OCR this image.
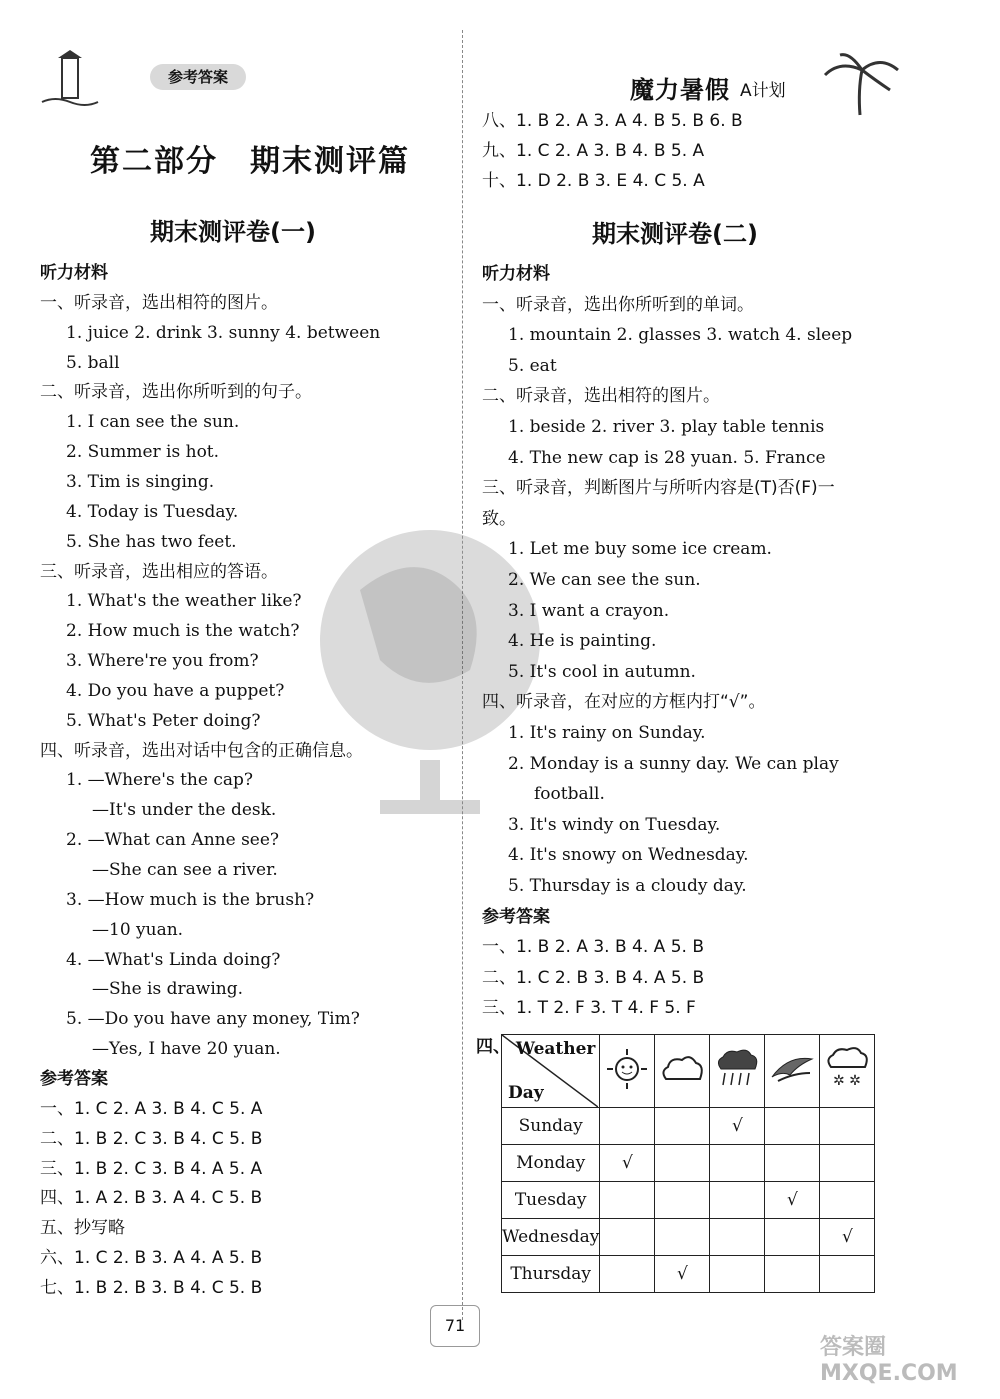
参考答案	魔力暑假 A计划
第二部分　期末测评篇
期末测评卷(一)
听力材料
一、听录音，选出相符的图片。
1. juice 2. drink 3. sunny 4. between
5. ball
二、听录音，选出你所听到的句子。
1. I can see the sun.
2. Summer is hot.
3. Tim is singing.
4. Today is Tuesday.
5. She has two feet.
三、听录音，选出相应的答语。
1. What's the weather like?
2. How much is the watch?
3. Where're you from?
4. Do you have a puppet?
5. What's Peter doing?
四、听录音，选出对话中包含的正确信息。
1. —Where's the cap?
—It's under the desk.
2. —What can Anne see?
—She can see a river.
3. —How much is the brush?
—10 yuan.
4. —What's Linda doing?
—She is drawing.
5. —Do you have any money, Tim?
—Yes, I have 20 yuan.
参考答案
一、1. C 2. A 3. B 4. C 5. A
二、1. B 2. C 3. B 4. C 5. B
三、1. B 2. C 3. B 4. A 5. A
四、1. A 2. B 3. A 4. C 5. B
五、抄写略
六、1. C 2. B 3. A 4. A 5. B
七、1. B 2. B 3. B 4. C 5. B
八、1. B 2. A 3. A 4. B 5. B 6. B
九、1. C 2. A 3. B 4. B 5. A
十、1. D 2. B 3. E 4. C 5. A
期末测评卷(二)
听力材料
一、听录音，选出你所听到的单词。
1. mountain 2. glasses 3. watch 4. sleep
5. eat
二、听录音，选出相符的图片。
1. beside 2. river 3. play table tennis
4. The new cap is 28 yuan. 5. France
三、听录音，判断图片与所听内容是(T)否(F)一
致。
1. Let me buy some ice cream.
2. We can see the sun.
3. I want a crayon.
4. He is painting.
5. It's cool in autumn.
四、听录音，在对应的方框内打“√”。
1. It's rainy on Sunday.
2. Monday is a sunny day. We can play
football.
3. It's windy on Tuesday.
4. It's snowy on Wednesday.
5. Thursday is a cloudy day.
参考答案
一、1. B 2. A 3. B 4. A 5. B
二、1. C 2. B 3. B 4. A 5. B
三、1. T 2. F 3. T 4. F 5. F
四、 Weather
Day					✲ ✲

Sunday			√		
Monday	√				
Tuesday				√	
Wednesday					√
Thursday		√			
71
答案圈 MXQE.COM
